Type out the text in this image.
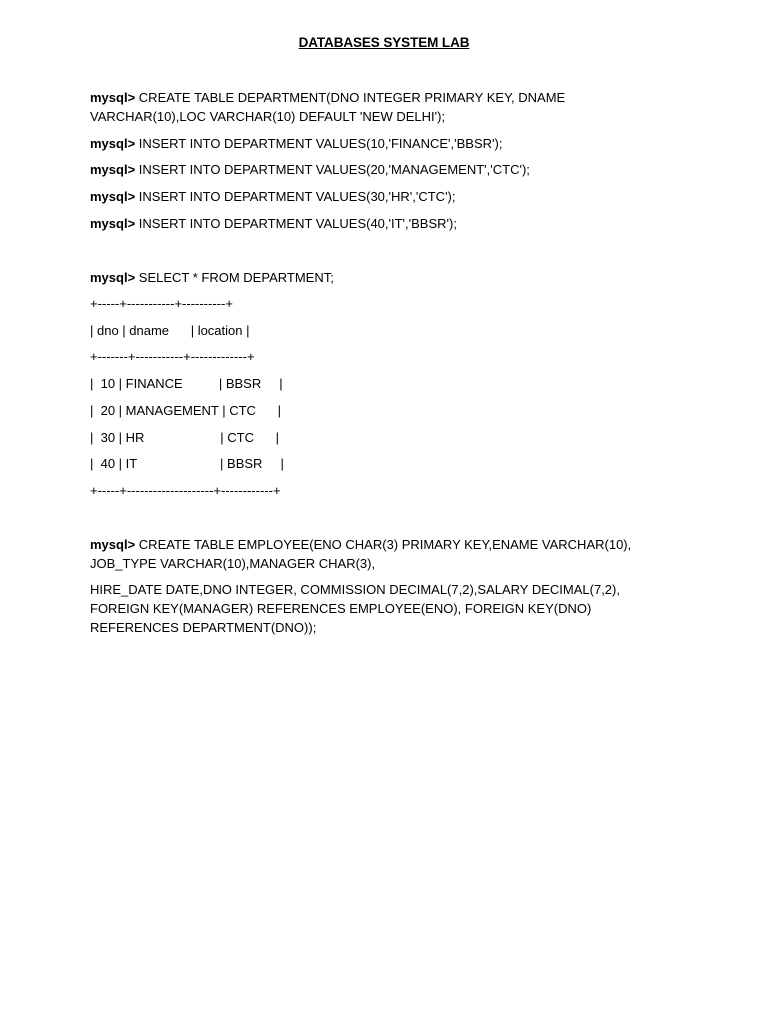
DATABASES SYSTEM LAB
mysql> CREATE TABLE DEPARTMENT(DNO INTEGER PRIMARY KEY, DNAME VARCHAR(10),LOC VARCHAR(10) DEFAULT 'NEW DELHI');
mysql> INSERT INTO DEPARTMENT VALUES(10,'FINANCE','BBSR');
mysql> INSERT INTO DEPARTMENT VALUES(20,'MANAGEMENT','CTC');
mysql> INSERT INTO DEPARTMENT VALUES(30,'HR','CTC');
mysql> INSERT INTO DEPARTMENT VALUES(40,'IT','BBSR');
mysql> SELECT * FROM DEPARTMENT;
+-----+-----------+----------+
| dno | dname      | location |
+-------+-----------+-------------+
|  10 | FINANCE          | BBSR     |
|  20 | MANAGEMENT | CTC      |
|  30 | HR                     | CTC      |
|  40 | IT                       | BBSR     |
+-----+--------------------+------------+
mysql> CREATE TABLE EMPLOYEE(ENO CHAR(3) PRIMARY KEY,ENAME VARCHAR(10), JOB_TYPE VARCHAR(10),MANAGER CHAR(3),
HIRE_DATE DATE,DNO INTEGER, COMMISSION DECIMAL(7,2),SALARY DECIMAL(7,2), FOREIGN KEY(MANAGER) REFERENCES EMPLOYEE(ENO), FOREIGN KEY(DNO) REFERENCES DEPARTMENT(DNO));
